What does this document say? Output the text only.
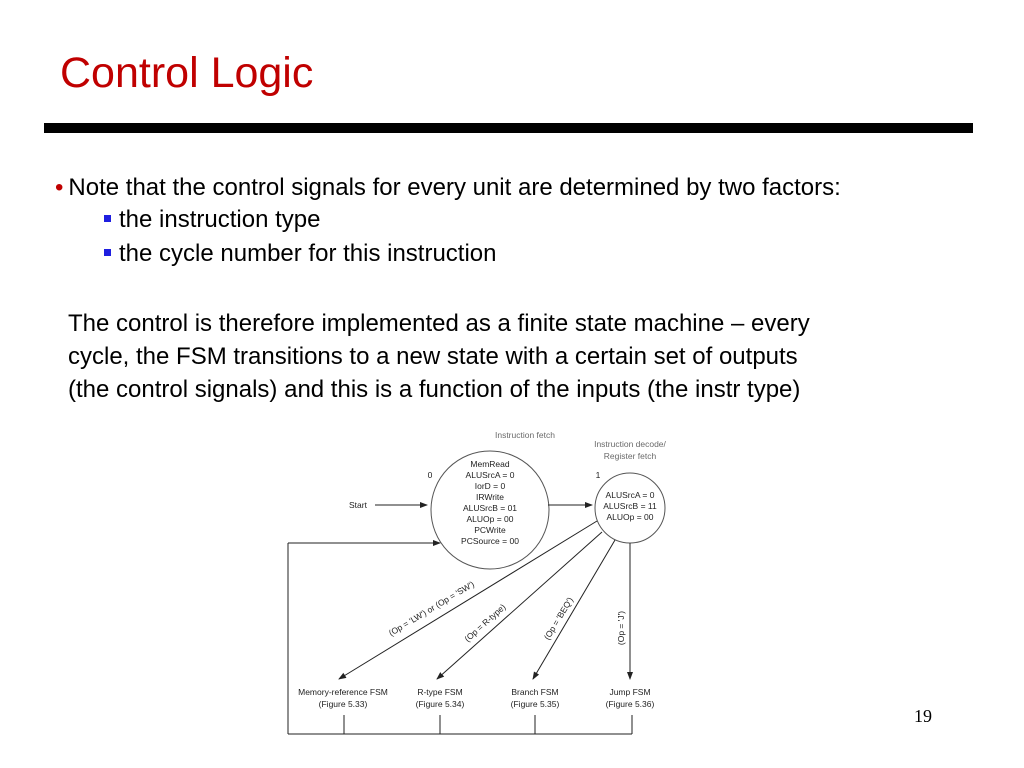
Control Logic
• Note that the control signals for every unit are determined by two factors:
the instruction type
the cycle number for this instruction
The control is therefore implemented as a finite state machine – every
cycle, the FSM transitions to a new state with a certain set of outputs
(the control signals) and this is a function of the inputs (the instr type)
Instruction fetch
Instruction decode/
Register fetch
0	1
MemRead
ALUSrcA = 0
IorD = 0
IRWrite
ALUSrcB = 01
ALUOp = 00
PCWrite
PCSource = 00
ALUSrcA = 0
ALUSrcB = 11
ALUOp = 00
Start
(Op = 'LW') or (Op = 'SW')
(Op = R-type)	(Op = 'BEQ')	(Op = 'J')
Memory-reference FSM
(Figure 5.33)
R-type FSM
(Figure 5.34)
Branch FSM
(Figure 5.35)
Jump FSM
(Figure 5.36)
19
